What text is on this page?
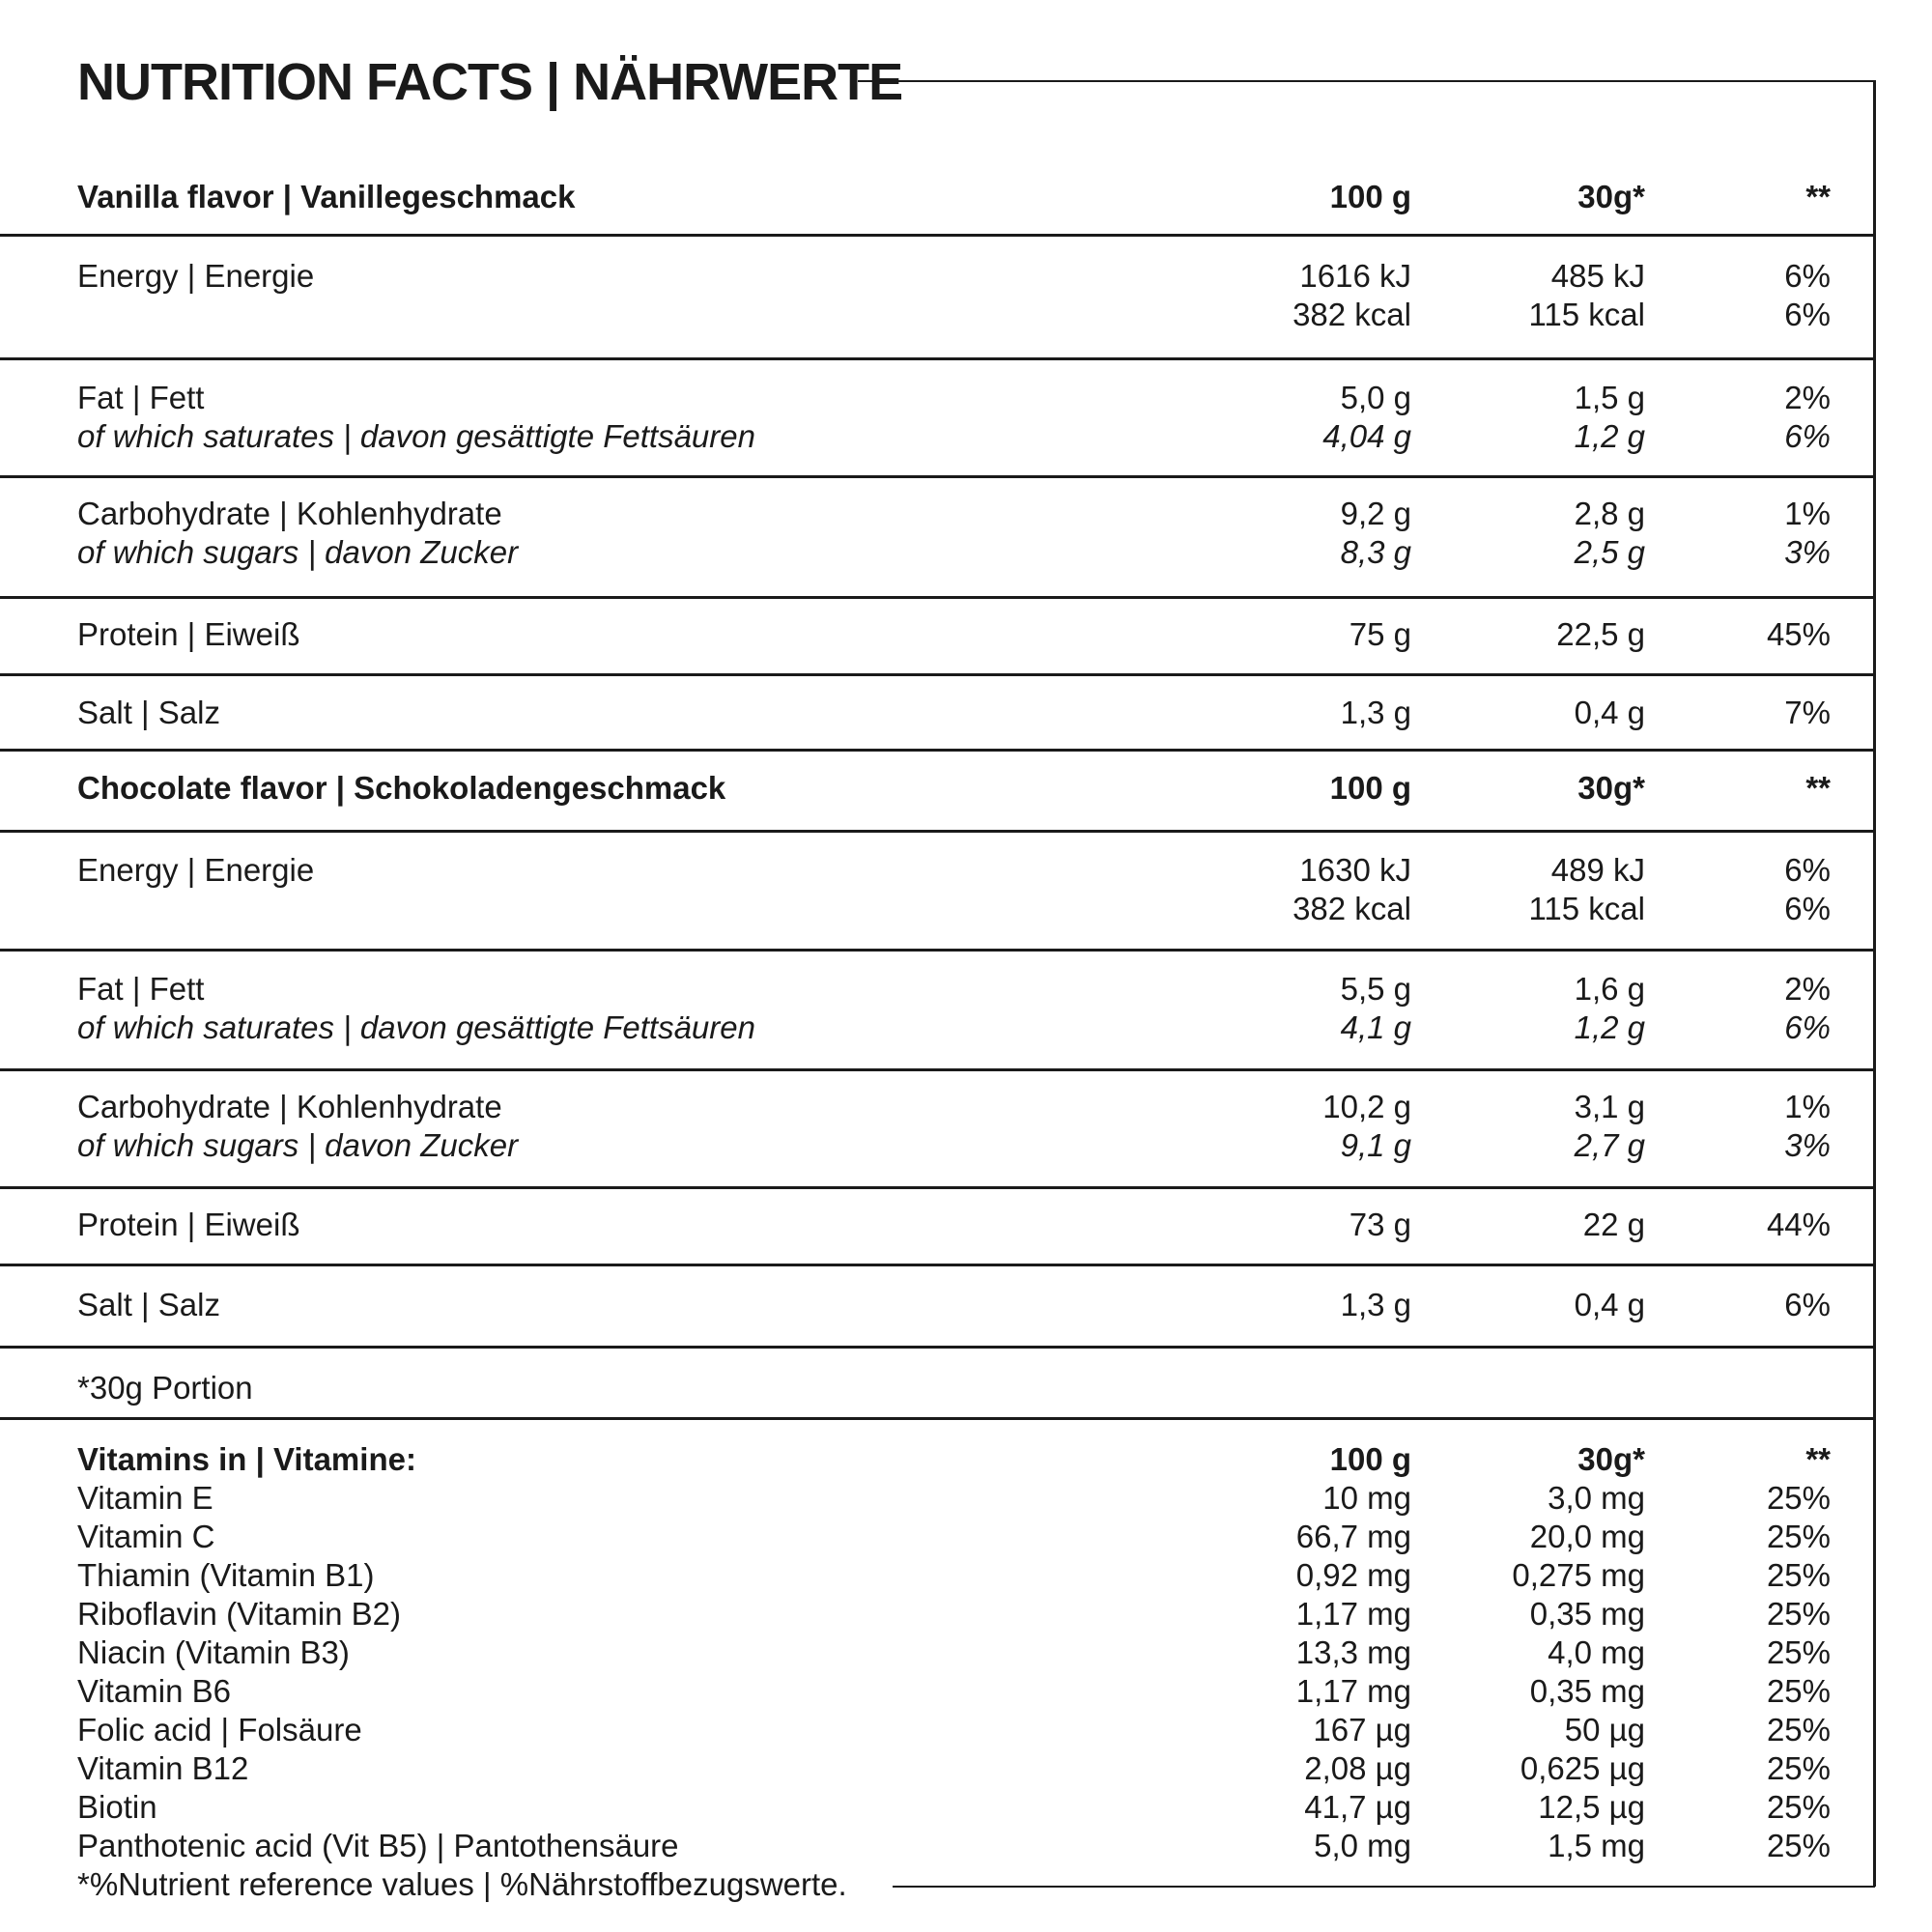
NUTRITION FACTS | NÄHRWERTE
Vanilla flavor | Vanillegeschmack	100 g	30g*	**
Energy | Energie	1616 kJ	485 kJ	6%
382 kcal	115 kcal	6%
Fat | Fett	5,0 g	1,5 g	2%
of which saturates | davon gesättigte Fettsäuren	4,04 g	1,2 g	6%
Carbohydrate | Kohlenhydrate	9,2 g	2,8 g	1%
of which sugars | davon Zucker	8,3 g	2,5 g	3%
Protein | Eiweiß	75 g	22,5 g	45%
Salt | Salz	1,3 g	0,4 g	7%
Chocolate flavor | Schokoladengeschmack	100 g	30g*	**
Energy | Energie	1630 kJ	489 kJ	6%
382 kcal	115 kcal	6%
Fat | Fett	5,5 g	1,6 g	2%
of which saturates | davon gesättigte Fettsäuren	4,1 g	1,2 g	6%
Carbohydrate | Kohlenhydrate	10,2 g	3,1 g	1%
of which sugars | davon Zucker	9,1 g	2,7 g	3%
Protein | Eiweiß	73 g	22 g	44%
Salt | Salz	1,3 g	0,4 g	6%
*30g Portion
Vitamins in | Vitamine:	100 g	30g*	**
Vitamin E	10 mg	3,0 mg	25%
Vitamin C	66,7 mg	20,0 mg	25%
Thiamin (Vitamin B1)	0,92 mg	0,275 mg	25%
Riboflavin (Vitamin B2)	1,17 mg	0,35 mg	25%
Niacin (Vitamin B3)	13,3 mg	4,0 mg	25%
Vitamin B6	1,17 mg	0,35 mg	25%
Folic acid | Folsäure	167 µg	50 µg	25%
Vitamin B12	2,08 µg	0,625 µg	25%
Biotin	41,7 µg	12,5 µg	25%
Panthotenic acid (Vit B5) | Pantothensäure	5,0 mg	1,5 mg	25%
*%Nutrient reference values | %Nährstoffbezugswerte.
